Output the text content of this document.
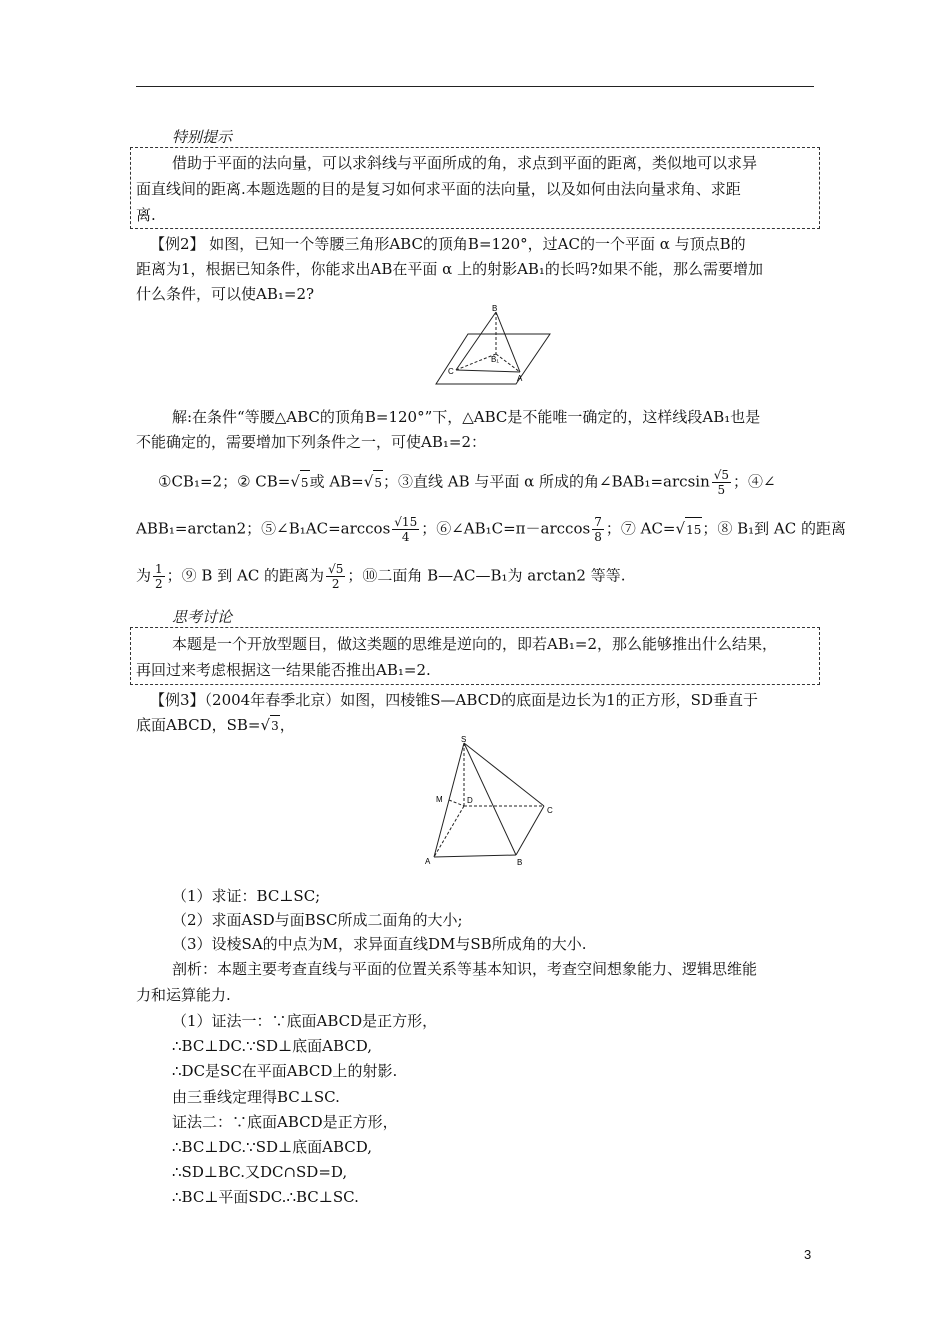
特别提示
借助于平面的法向量，可以求斜线与平面所成的角，求点到平面的距离，类似地可以求异
面直线间的距离.本题选题的目的是复习如何求平面的法向量，以及如何由法向量求角、求距
离.
【例2】 如图，已知一个等腰三角形ABC的顶角B=120°，过AC的一个平面 α 与顶点B的
距离为1，根据已知条件，你能求出AB在平面 α 上的射影AB₁的长吗?如果不能，那么需要增加
什么条件，可以使AB₁=2?
B
B₁
C
A
解:在条件“等腰△ABC的顶角B=120°”下，△ABC是不能唯一确定的，这样线段AB₁也是
不能确定的，需要增加下列条件之一，可使AB₁=2：
①CB₁=2；② CB=√5或 AB=√5；③直线 AB 与平面 α 所成的角∠BAB₁=arcsin $\frac{√5}{5}$ ；④∠
ABB₁=arctan2；⑤∠B₁AC=arccos $\frac{√15}{4}$ ；⑥∠AB₁C=π－arccos $\frac{7}{8}$ ；⑦ AC=√15；⑧ B₁到 AC 的距离
为 $\frac{1}{2}$ ；⑨ B 到 AC 的距离为 $\frac{√5}{2}$ ；⑩二面角 B—AC—B₁为 arctan2 等等.
思考讨论
本题是一个开放型题目，做这类题的思维是逆向的，即若AB₁=2，那么能够推出什么结果，
再回过来考虑根据这一结果能否推出AB₁=2.
【例3】（2004年春季北京）如图，四棱锥S—ABCD的底面是边长为1的正方形，SD垂直于
底面ABCD，SB=√3，
S
M	D
C
A	B
（1）求证：BC⊥SC;
（2）求面ASD与面BSC所成二面角的大小;
（3）设棱SA的中点为M，求异面直线DM与SB所成角的大小.
剖析：本题主要考查直线与平面的位置关系等基本知识，考查空间想象能力、逻辑思维能
力和运算能力.
（1）证法一：∵底面ABCD是正方形，
∴BC⊥DC.∵SD⊥底面ABCD,
∴DC是SC在平面ABCD上的射影.
由三垂线定理得BC⊥SC.
证法二：∵底面ABCD是正方形，
∴BC⊥DC.∵SD⊥底面ABCD,
∴SD⊥BC.又DC∩SD=D,
∴BC⊥平面SDC.∴BC⊥SC.
3
